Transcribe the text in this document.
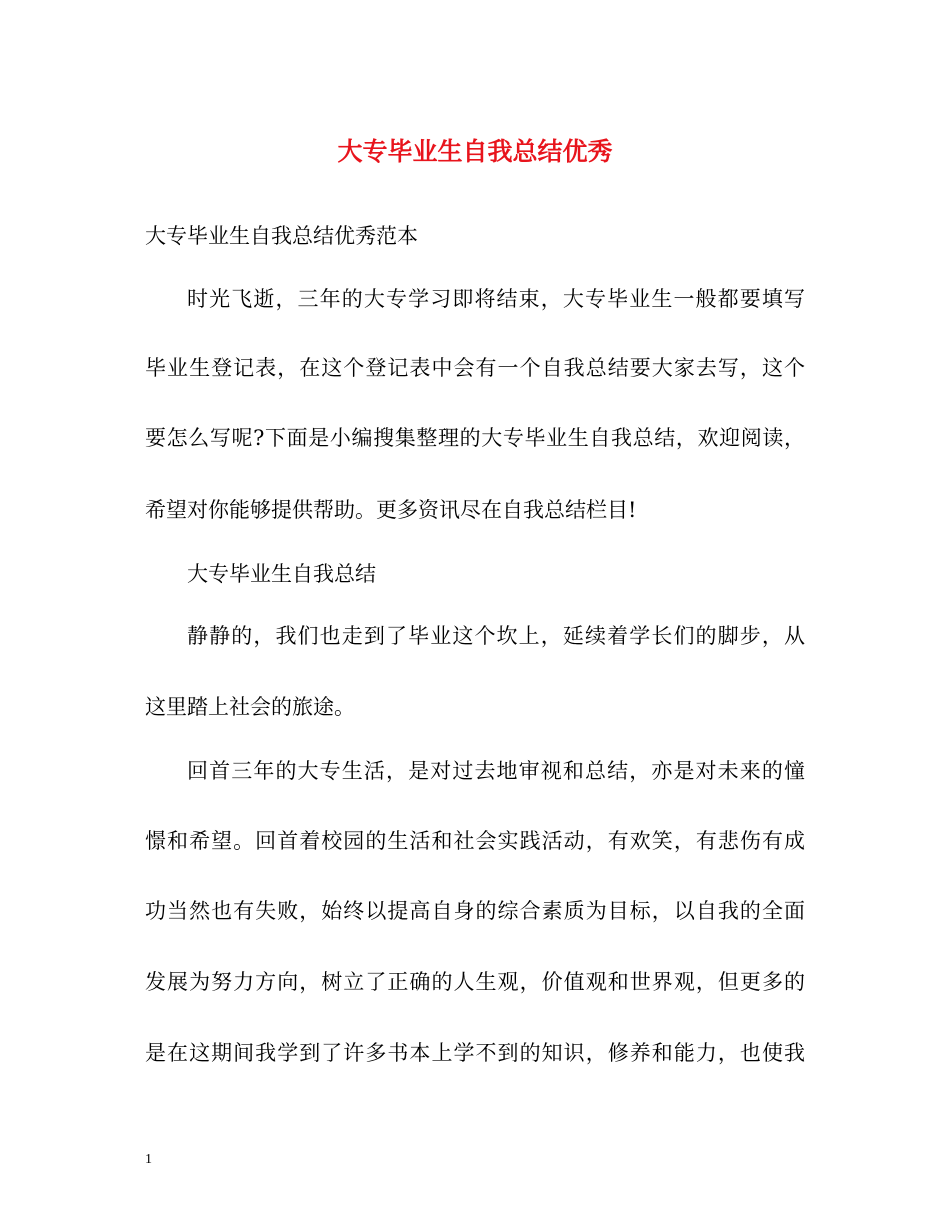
大专毕业生自我总结优秀
大专毕业生自我总结优秀范本
时光飞逝，三年的大专学习即将结束，大专毕业生一般都要填写
毕业生登记表，在这个登记表中会有一个自我总结要大家去写，这个
要怎么写呢?下面是小编搜集整理的大专毕业生自我总结，欢迎阅读，
希望对你能够提供帮助。更多资讯尽在自我总结栏目!
大专毕业生自我总结
静静的，我们也走到了毕业这个坎上，延续着学长们的脚步，从
这里踏上社会的旅途。
回首三年的大专生活，是对过去地审视和总结，亦是对未来的憧
憬和希望。回首着校园的生活和社会实践活动，有欢笑，有悲伤有成
功当然也有失败，始终以提高自身的综合素质为目标，以自我的全面
发展为努力方向，树立了正确的人生观，价值观和世界观，但更多的
是在这期间我学到了许多书本上学不到的知识，修养和能力，也使我
1
